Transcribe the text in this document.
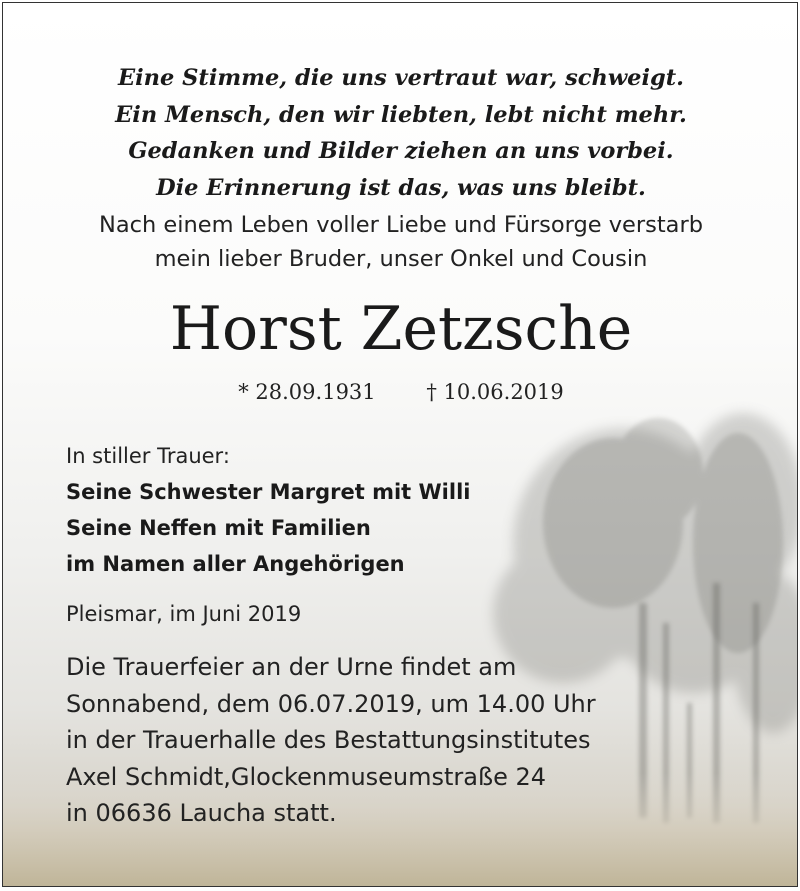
Eine Stimme, die uns vertraut war, schweigt.
Ein Mensch, den wir liebten, lebt nicht mehr.
Gedanken und Bilder ziehen an uns vorbei.
Die Erinnerung ist das, was uns bleibt.
Nach einem Leben voller Liebe und Fürsorge verstarb
mein lieber Bruder, unser Onkel und Cousin
Horst Zetzsche
* 28.09.1931 † 10.06.2019
In stiller Trauer:
Seine Schwester Margret mit Willi
Seine Neffen mit Familien
im Namen aller Angehörigen
Pleismar, im Juni 2019
Die Trauerfeier an der Urne findet am
Sonnabend, dem 06.07.2019, um 14.00 Uhr
in der Trauerhalle des Bestattungsinstitutes
Axel Schmidt,Glockenmuseumstraße 24
in 06636 Laucha statt.
